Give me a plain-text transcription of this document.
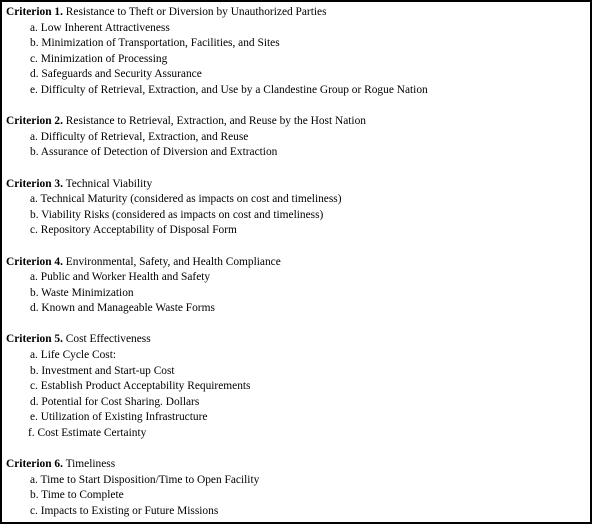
Criterion 1. Resistance to Theft or Diversion by Unauthorized Parties
a. Low Inherent Attractiveness
b. Minimization of Transportation, Facilities, and Sites
c. Minimization of Processing
d. Safeguards and Security Assurance
e. Difficulty of Retrieval, Extraction, and Use by a Clandestine Group or Rogue Nation
Criterion 2. Resistance to Retrieval, Extraction, and Reuse by the Host Nation
a. Difficulty of Retrieval, Extraction, and Reuse
b. Assurance of Detection of Diversion and Extraction
Criterion 3. Technical Viability
a. Technical Maturity (considered as impacts on cost and timeliness)
b. Viability Risks (considered as impacts on cost and timeliness)
c. Repository Acceptability of Disposal Form
Criterion 4. Environmental, Safety, and Health Compliance
a. Public and Worker Health and Safety
b. Waste Minimization
d. Known and Manageable Waste Forms
Criterion 5. Cost Effectiveness
a. Life Cycle Cost:
b. Investment and Start-up Cost
c. Establish Product Acceptability Requirements
d. Potential for Cost Sharing. Dollars
e. Utilization of Existing Infrastructure
f. Cost Estimate Certainty
Criterion 6. Timeliness
a. Time to Start Disposition/Time to Open Facility
b. Time to Complete
c. Impacts to Existing or Future Missions
